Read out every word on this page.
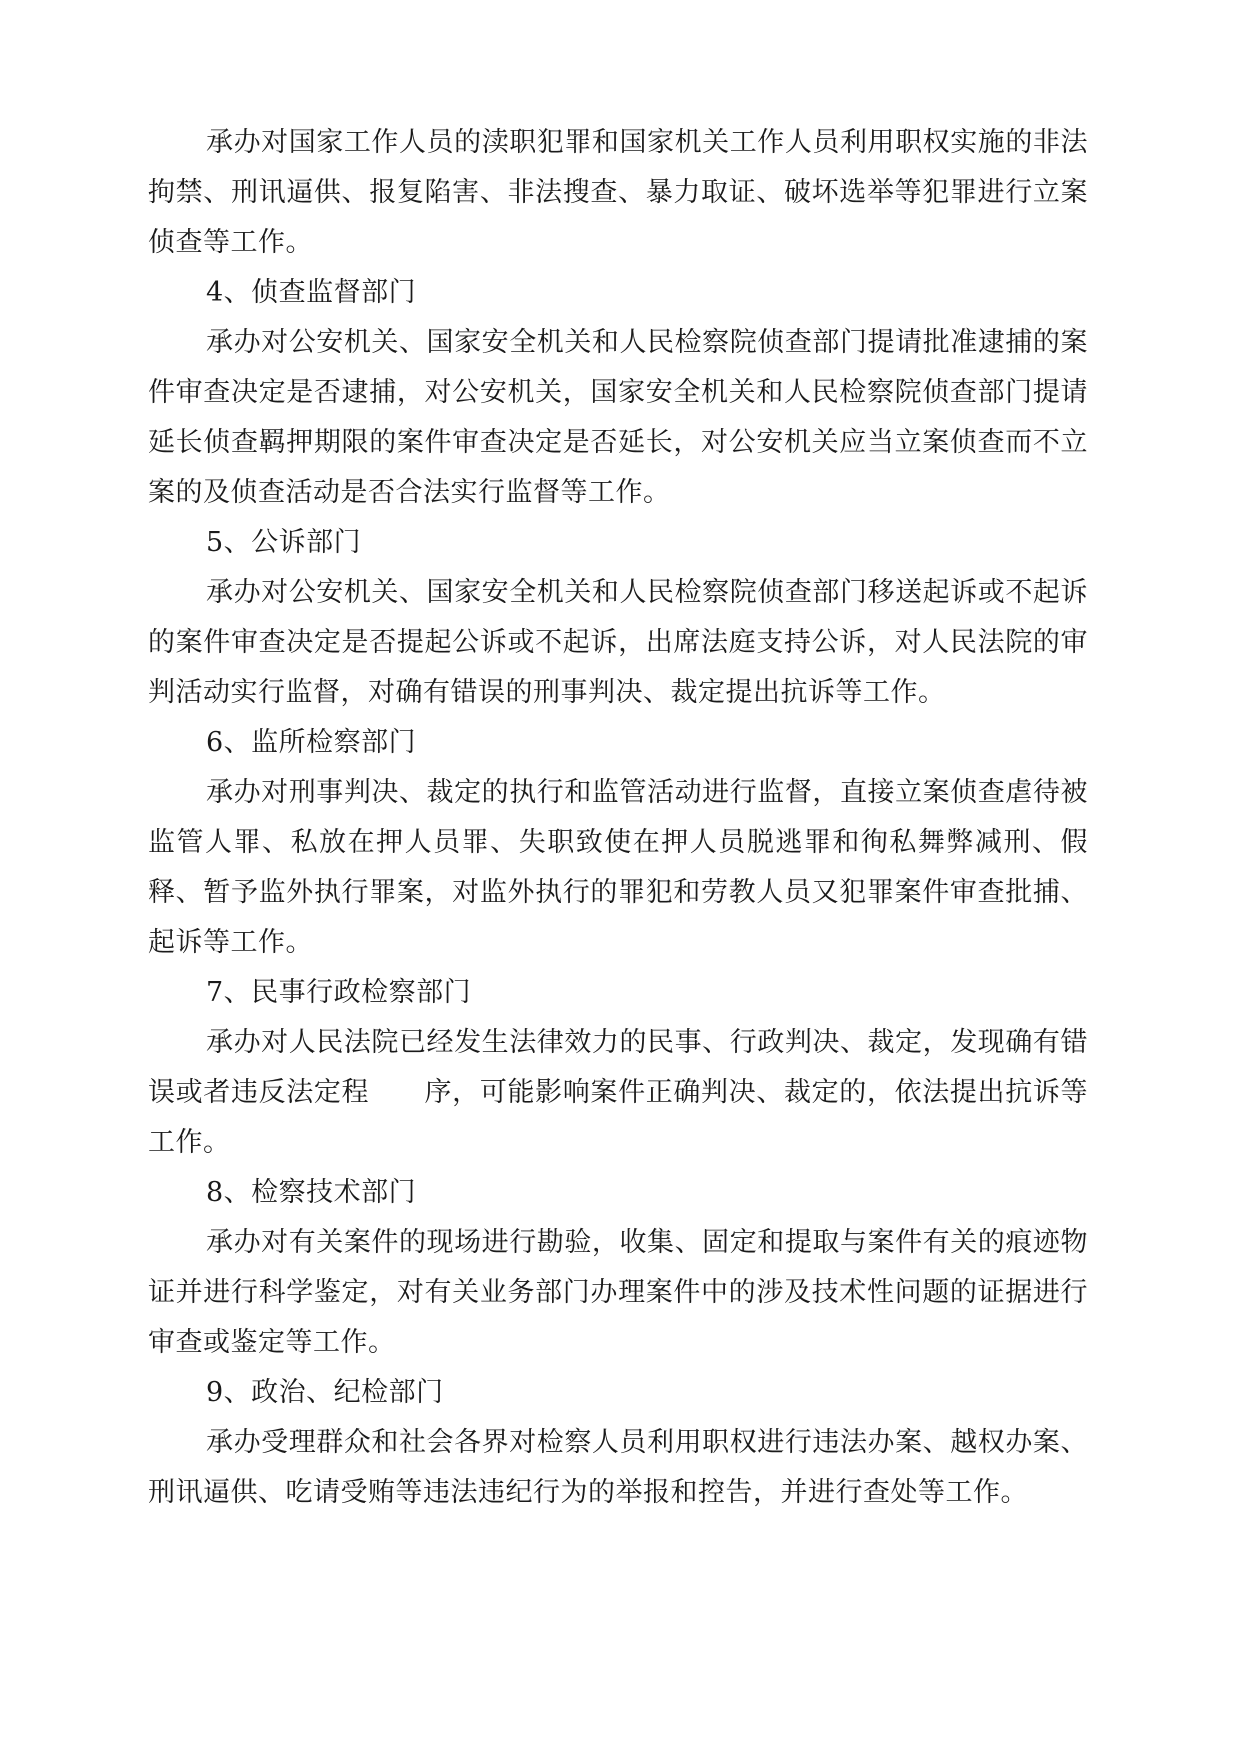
承办对国家工作人员的渎职犯罪和国家机关工作人员利用职权实施的非法拘禁、刑讯逼供、报复陷害、非法搜查、暴力取证、破坏选举等犯罪进行立案侦查等工作。

4、侦查监督部门

承办对公安机关、国家安全机关和人民检察院侦查部门提请批准逮捕的案件审查决定是否逮捕，对公安机关，国家安全机关和人民检察院侦查部门提请延长侦查羁押期限的案件审查决定是否延长，对公安机关应当立案侦查而不立案的及侦查活动是否合法实行监督等工作。

5、公诉部门

承办对公安机关、国家安全机关和人民检察院侦查部门移送起诉或不起诉的案件审查决定是否提起公诉或不起诉，出席法庭支持公诉，对人民法院的审判活动实行监督，对确有错误的刑事判决、裁定提出抗诉等工作。

6、监所检察部门

承办对刑事判决、裁定的执行和监管活动进行监督，直接立案侦查虐待被监管人罪、私放在押人员罪、失职致使在押人员脱逃罪和徇私舞弊减刑、假释、暂予监外执行罪案，对监外执行的罪犯和劳教人员又犯罪案件审查批捕、起诉等工作。

7、民事行政检察部门

承办对人民法院已经发生法律效力的民事、行政判决、裁定，发现确有错误或者违反法定程　　序，可能影响案件正确判决、裁定的，依法提出抗诉等工作。

8、检察技术部门

承办对有关案件的现场进行勘验，收集、固定和提取与案件有关的痕迹物证并进行科学鉴定，对有关业务部门办理案件中的涉及技术性问题的证据进行审查或鉴定等工作。

9、政治、纪检部门

承办受理群众和社会各界对检察人员利用职权进行违法办案、越权办案、刑讯逼供、吃请受贿等违法违纪行为的举报和控告，并进行查处等工作。
